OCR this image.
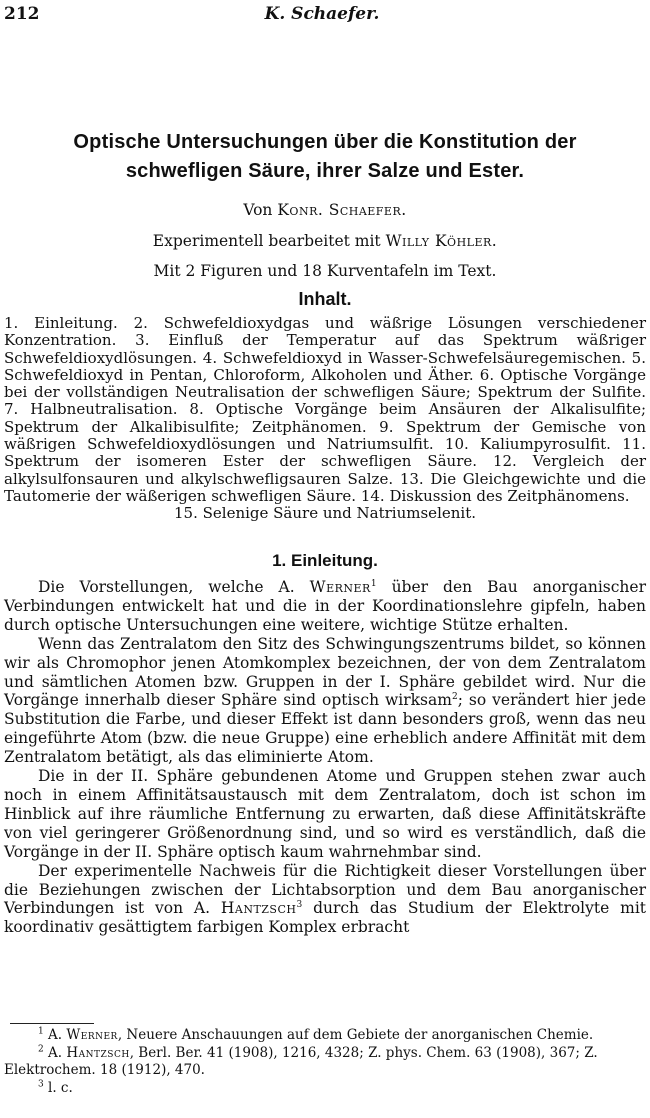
212	K. Schaefer.
Optische Untersuchungen über die Konstitution der
schwefligen Säure, ihrer Salze und Ester.
Von Konr. Schaefer.
Experimentell bearbeitet mit Willy Köhler.
Mit 2 Figuren und 18 Kurventafeln im Text.
Inhalt.
1. Einleitung. 2. Schwefeldioxydgas und wäßrige Lösungen verschiedener Konzentration. 3. Einfluß der Temperatur auf das Spektrum wäßriger Schwefeldioxydlösungen. 4. Schwefeldioxyd in Wasser-Schwefelsäuregemischen. 5. Schwefeldioxyd in Pentan, Chloroform, Alkoholen und Äther. 6. Optische Vorgänge bei der vollständigen Neutralisation der schwefligen Säure; Spektrum der Sulfite. 7. Halbneutralisation. 8. Optische Vorgänge beim Ansäuren der Alkalisulfite; Spektrum der Alkalibisulfite; Zeitphänomen. 9. Spektrum der Gemische von wäßrigen Schwefeldioxydlösungen und Natriumsulfit. 10. Kaliumpyrosulfit. 11. Spektrum der isomeren Ester der schwefligen Säure. 12. Vergleich der alkylsulfonsauren und alkylschwefligsauren Salze. 13. Die Gleichgewichte und die Tautomerie der wäßerigen schwefligen Säure. 14. Diskussion des Zeitphänomens.
15. Selenige Säure und Natriumselenit.
1. Einleitung.

Die Vorstellungen, welche A. Werner$^1$ über den Bau anorganischer Verbindungen entwickelt hat und die in der Koordinationslehre gipfeln, haben durch optische Untersuchungen eine weitere, wichtige Stütze erhalten.

Wenn das Zentralatom den Sitz des Schwingungszentrums bildet, so können wir als Chromophor jenen Atomkomplex bezeichnen, der von dem Zentralatom und sämtlichen Atomen bzw. Gruppen in der I. Sphäre gebildet wird. Nur die Vorgänge innerhalb dieser Sphäre sind optisch wirksam$^2$; so verändert hier jede Substitution die Farbe, und dieser Effekt ist dann besonders groß, wenn das neu eingeführte Atom (bzw. die neue Gruppe) eine erheblich andere Affinität mit dem Zentralatom betätigt, als das eliminierte Atom.

Die in der II. Sphäre gebundenen Atome und Gruppen stehen zwar auch noch in einem Affinitätsaustausch mit dem Zentralatom, doch ist schon im Hinblick auf ihre räumliche Entfernung zu erwarten, daß diese Affinitätskräfte von viel geringerer Größenordnung sind, und so wird es verständlich, daß die Vorgänge in der II. Sphäre optisch kaum wahrnehmbar sind.

Der experimentelle Nachweis für die Richtigkeit dieser Vorstellungen über die Beziehungen zwischen der Lichtabsorption und dem Bau anorganischer Verbindungen ist von A. Hantzsch$^3$ durch das Studium der Elektrolyte mit koordinativ gesättigtem farbigen Komplex erbracht

$^1$ A. Werner, Neuere Anschauungen auf dem Gebiete der anorganischen Chemie.

$^2$ A. Hantzsch, Berl. Ber. 41 (1908), 1216, 4328; Z. phys. Chem. 63 (1908), 367; Z. Elektrochem. 18 (1912), 470.

$^3$ l. c.
